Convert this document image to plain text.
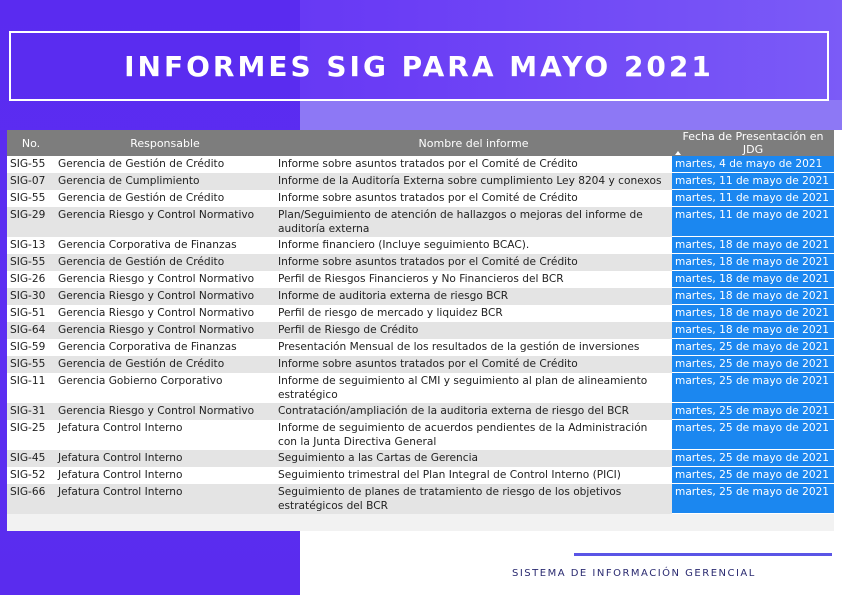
INFORMES SIG PARA MAYO 2021
No.	Responsable	Nombre del informe	Fecha de Presentación en JDG

SIG-55	Gerencia de Gestión de Crédito	Informe sobre asuntos tratados por el Comité de Crédito	martes, 4 de mayo de 2021
SIG-07	Gerencia de Cumplimiento	Informe de la Auditoría Externa sobre cumplimiento Ley 8204 y conexos	martes, 11 de mayo de 2021
SIG-55	Gerencia de Gestión de Crédito	Informe sobre asuntos tratados por el Comité de Crédito	martes, 11 de mayo de 2021
SIG-29	Gerencia Riesgo y Control Normativo	Plan/Seguimiento de atención de hallazgos o mejoras del informe de auditoría externa	martes, 11 de mayo de 2021
SIG-13	Gerencia Corporativa de Finanzas	Informe financiero (Incluye seguimiento BCAC).	martes, 18 de mayo de 2021
SIG-55	Gerencia de Gestión de Crédito	Informe sobre asuntos tratados por el Comité de Crédito	martes, 18 de mayo de 2021
SIG-26	Gerencia Riesgo y Control Normativo	Perfil de Riesgos Financieros y No Financieros del BCR	martes, 18 de mayo de 2021
SIG-30	Gerencia Riesgo y Control Normativo	Informe de auditoria externa de riesgo BCR	martes, 18 de mayo de 2021
SIG-51	Gerencia Riesgo y Control Normativo	Perfil de riesgo de mercado y liquidez BCR	martes, 18 de mayo de 2021
SIG-64	Gerencia Riesgo y Control Normativo	Perfil de Riesgo de Crédito	martes, 18 de mayo de 2021
SIG-59	Gerencia Corporativa de Finanzas	Presentación Mensual de los resultados de la gestión de inversiones	martes, 25 de mayo de 2021
SIG-55	Gerencia de Gestión de Crédito	Informe sobre asuntos tratados por el Comité de Crédito	martes, 25 de mayo de 2021
SIG-11	Gerencia Gobierno Corporativo	Informe de seguimiento al CMI y seguimiento al plan de alineamiento estratégico	martes, 25 de mayo de 2021
SIG-31	Gerencia Riesgo y Control Normativo	Contratación/ampliación de la auditoria externa de riesgo del BCR	martes, 25 de mayo de 2021
SIG-25	Jefatura Control Interno	Informe de seguimiento de acuerdos pendientes de la Administración con la Junta Directiva General	martes, 25 de mayo de 2021
SIG-45	Jefatura Control Interno	Seguimiento a las Cartas de Gerencia	martes, 25 de mayo de 2021
SIG-52	Jefatura Control Interno	Seguimiento trimestral del Plan Integral de Control Interno (PICI)	martes, 25 de mayo de 2021
SIG-66	Jefatura Control Interno	Seguimiento de planes de tratamiento de riesgo de los objetivos estratégicos del BCR	martes, 25 de mayo de 2021
SISTEMA DE INFORMACIÓN GERENCIAL
